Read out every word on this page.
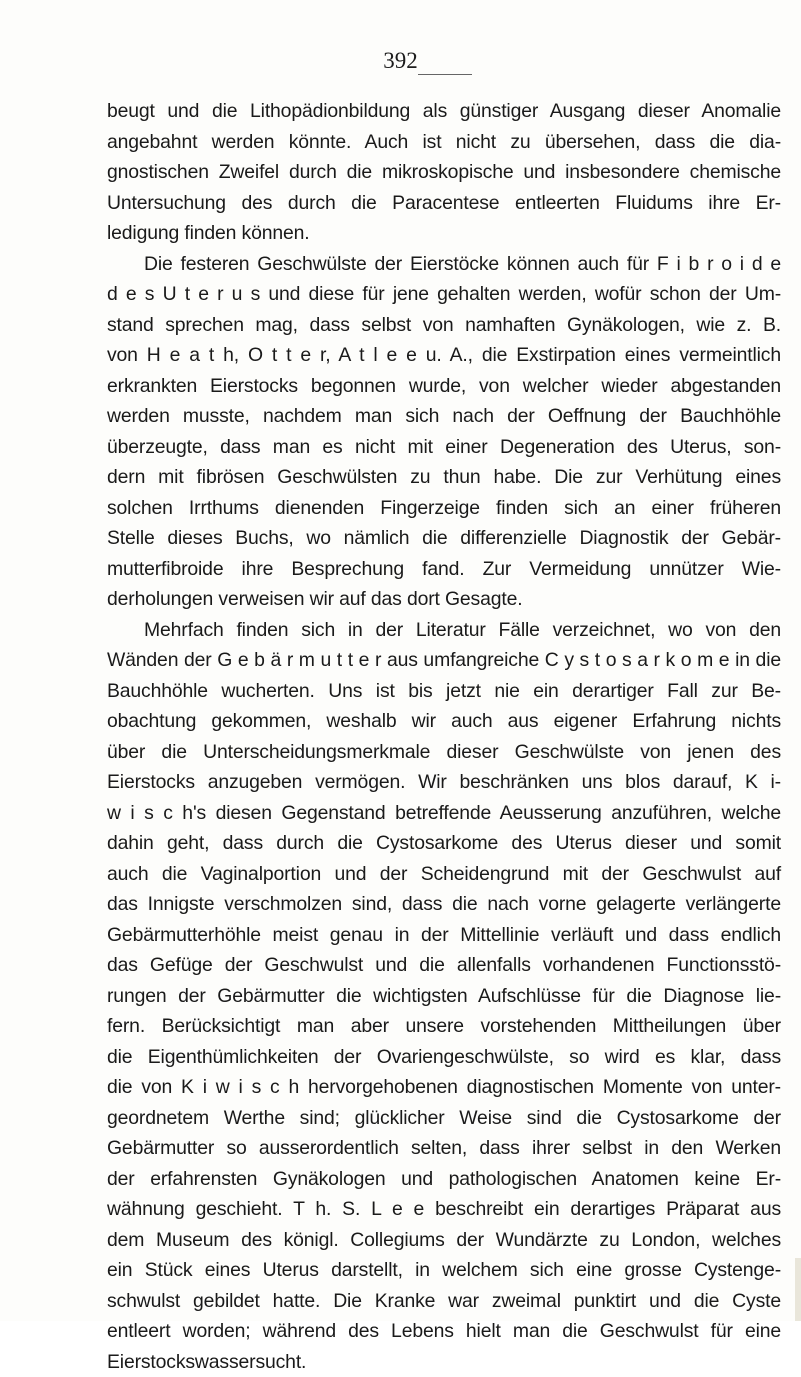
392

beugt und die Lithopädionbildung als günstiger Ausgang dieser Anomalie
angebahnt werden könnte. Auch ist nicht zu übersehen, dass die dia-
gnostischen Zweifel durch die mikroskopische und insbesondere chemische
Untersuchung des durch die Paracentese entleerten Fluidums ihre Er-
ledigung finden können.

Die festeren Geschwülste der Eierstöcke können auch für F i b r o i d e
d e s U t e r u s und diese für jene gehalten werden, wofür schon der Um-
stand sprechen mag, dass selbst von namhaften Gynäkologen, wie z. B.
von H e a t h, O t t e r, A t l e e u. A., die Exstirpation eines vermeintlich
erkrankten Eierstocks begonnen wurde, von welcher wieder abgestanden
werden musste, nachdem man sich nach der Oeffnung der Bauchhöhle
überzeugte, dass man es nicht mit einer Degeneration des Uterus, son-
dern mit fibrösen Geschwülsten zu thun habe. Die zur Verhütung eines
solchen Irrthums dienenden Fingerzeige finden sich an einer früheren
Stelle dieses Buchs, wo nämlich die differenzielle Diagnostik der Gebär-
mutterfibroide ihre Besprechung fand. Zur Vermeidung unnützer Wie-
derholungen verweisen wir auf das dort Gesagte.

Mehrfach finden sich in der Literatur Fälle verzeichnet, wo von den
Wänden der G e b ä r m u t t e r aus umfangreiche C y s t o s a r k o m e in die
Bauchhöhle wucherten. Uns ist bis jetzt nie ein derartiger Fall zur Be-
obachtung gekommen, weshalb wir auch aus eigener Erfahrung nichts
über die Unterscheidungsmerkmale dieser Geschwülste von jenen des
Eierstocks anzugeben vermögen. Wir beschränken uns blos darauf, K i-
w i s c h's diesen Gegenstand betreffende Aeusserung anzuführen, welche
dahin geht, dass durch die Cystosarkome des Uterus dieser und somit
auch die Vaginalportion und der Scheidengrund mit der Geschwulst auf
das Innigste verschmolzen sind, dass die nach vorne gelagerte verlängerte
Gebärmutterhöhle meist genau in der Mittellinie verläuft und dass endlich
das Gefüge der Geschwulst und die allenfalls vorhandenen Functionsstö-
rungen der Gebärmutter die wichtigsten Aufschlüsse für die Diagnose lie-
fern. Berücksichtigt man aber unsere vorstehenden Mittheilungen über
die Eigenthümlichkeiten der Ovariengeschwülste, so wird es klar, dass
die von K i w i s c h hervorgehobenen diagnostischen Momente von unter-
geordnetem Werthe sind; glücklicher Weise sind die Cystosarkome der
Gebärmutter so ausserordentlich selten, dass ihrer selbst in den Werken
der erfahrensten Gynäkologen und pathologischen Anatomen keine Er-
wähnung geschieht. T h. S. L e e beschreibt ein derartiges Präparat aus
dem Museum des königl. Collegiums der Wundärzte zu London, welches
ein Stück eines Uterus darstellt, in welchem sich eine grosse Cystenge-
schwulst gebildet hatte. Die Kranke war zweimal punktirt und die Cyste
entleert worden; während des Lebens hielt man die Geschwulst für eine
Eierstockswassersucht.
